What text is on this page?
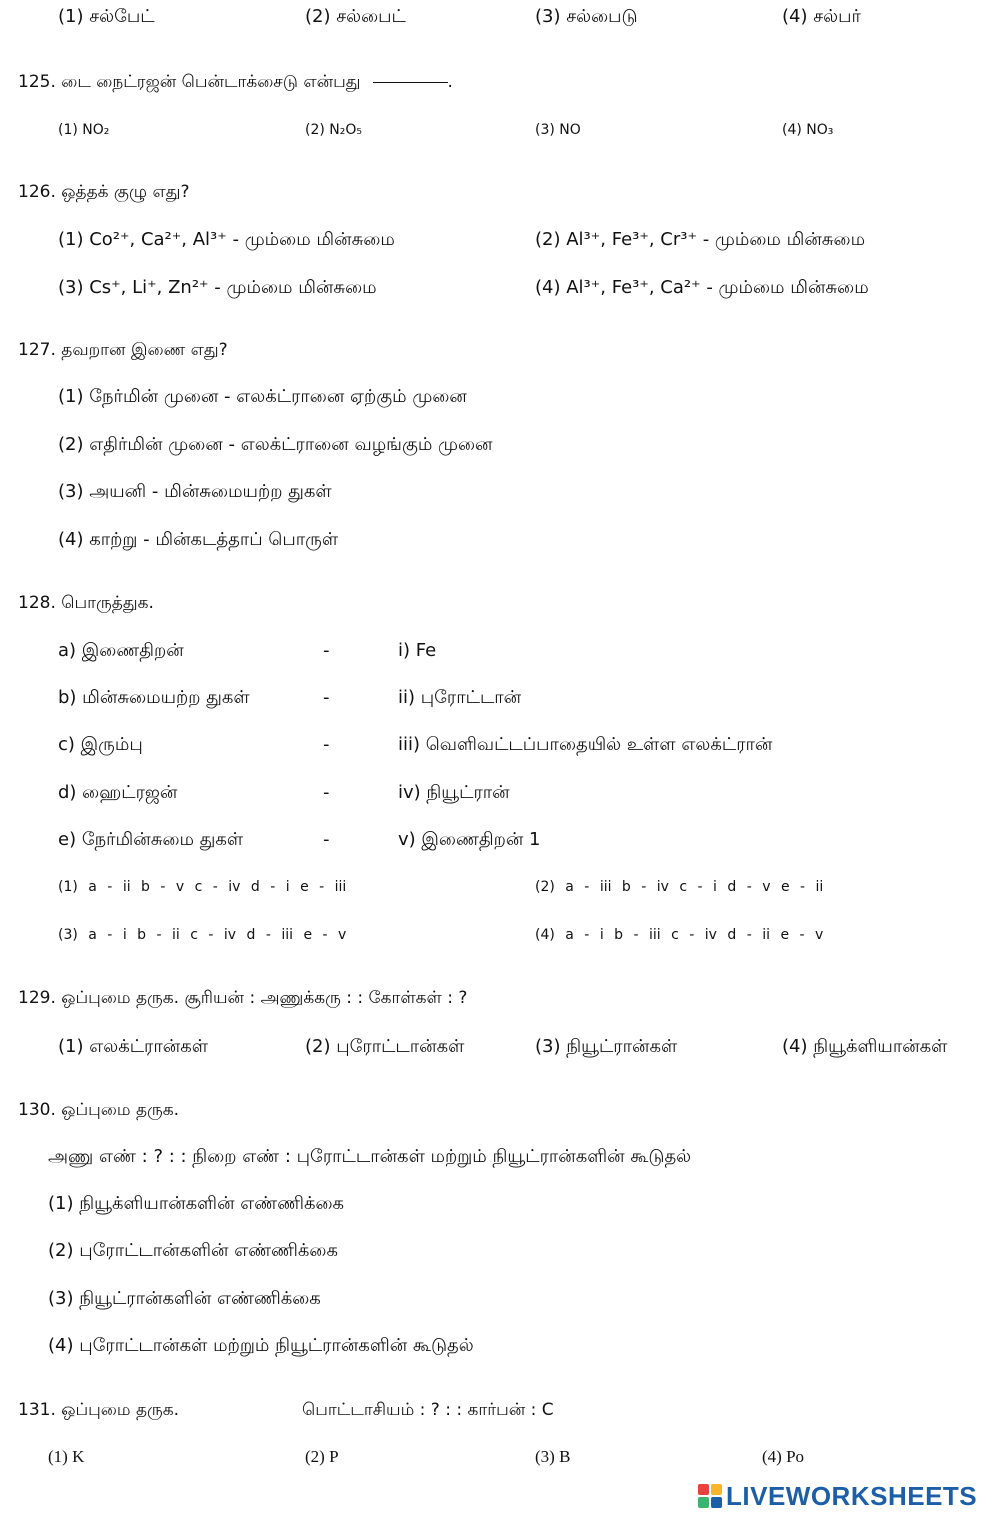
(1) சல்பேட்	(2) சல்பைட்	(3) சல்பைடு	(4) சல்பர்
125. டை நைட்ரஜன் பென்டாக்சைடு என்பது	.
(1) NO₂	(2) N₂O₅	(3) NO	(4) NO₃
126. ஒத்தக் குழு எது?
(1) Co²⁺, Ca²⁺, Al³⁺ - மும்மை மின்சுமை	(2) Al³⁺, Fe³⁺, Cr³⁺ - மும்மை மின்சுமை
(3) Cs⁺, Li⁺, Zn²⁺ - மும்மை மின்சுமை	(4) Al³⁺, Fe³⁺, Ca²⁺ - மும்மை மின்சுமை
127. தவறான இணை எது?
(1) நேர்மின் முனை - எலக்ட்ரானை ஏற்கும் முனை
(2) எதிர்மின் முனை - எலக்ட்ரானை வழங்கும் முனை
(3) அயனி - மின்சுமையற்ற துகள்
(4) காற்று - மின்கடத்தாப் பொருள்
128. பொருத்துக.
a) இணைதிறன்	-	i) Fe
b) மின்சுமையற்ற துகள்	-	ii) புரோட்டான்
c) இரும்பு	-	iii) வெளிவட்டப்பாதையில் உள்ள எலக்ட்ரான்
d) ஹைட்ரஜன்	-	iv) நியூட்ரான்
e) நேர்மின்சுமை துகள்	-	v) இணைதிறன் 1
(1) a - ii b - v c - iv d - i e - iii	(2) a - iii b - iv c - i d - v e - ii
(3) a - i b - ii c - iv d - iii e - v	(4) a - i b - iii c - iv d - ii e - v
129. ஒப்புமை தருக. சூரியன் : அணுக்கரு : : கோள்கள் : ?
(1) எலக்ட்ரான்கள்	(2) புரோட்டான்கள்	(3) நியூட்ரான்கள்	(4) நியூக்ளியான்கள்
130. ஒப்புமை தருக.
அணு எண் : ? : : நிறை எண் : புரோட்டான்கள் மற்றும் நியூட்ரான்களின் கூடுதல்
(1) நியூக்ளியான்களின் எண்ணிக்கை
(2) புரோட்டான்களின் எண்ணிக்கை
(3) நியூட்ரான்களின் எண்ணிக்கை
(4) புரோட்டான்கள் மற்றும் நியூட்ரான்களின் கூடுதல்
131. ஒப்புமை தருக.	பொட்டாசியம் : ? : : கார்பன் : C
(1) K	(2) P	(3) B	(4) Po
LIVEWORKSHEETS
